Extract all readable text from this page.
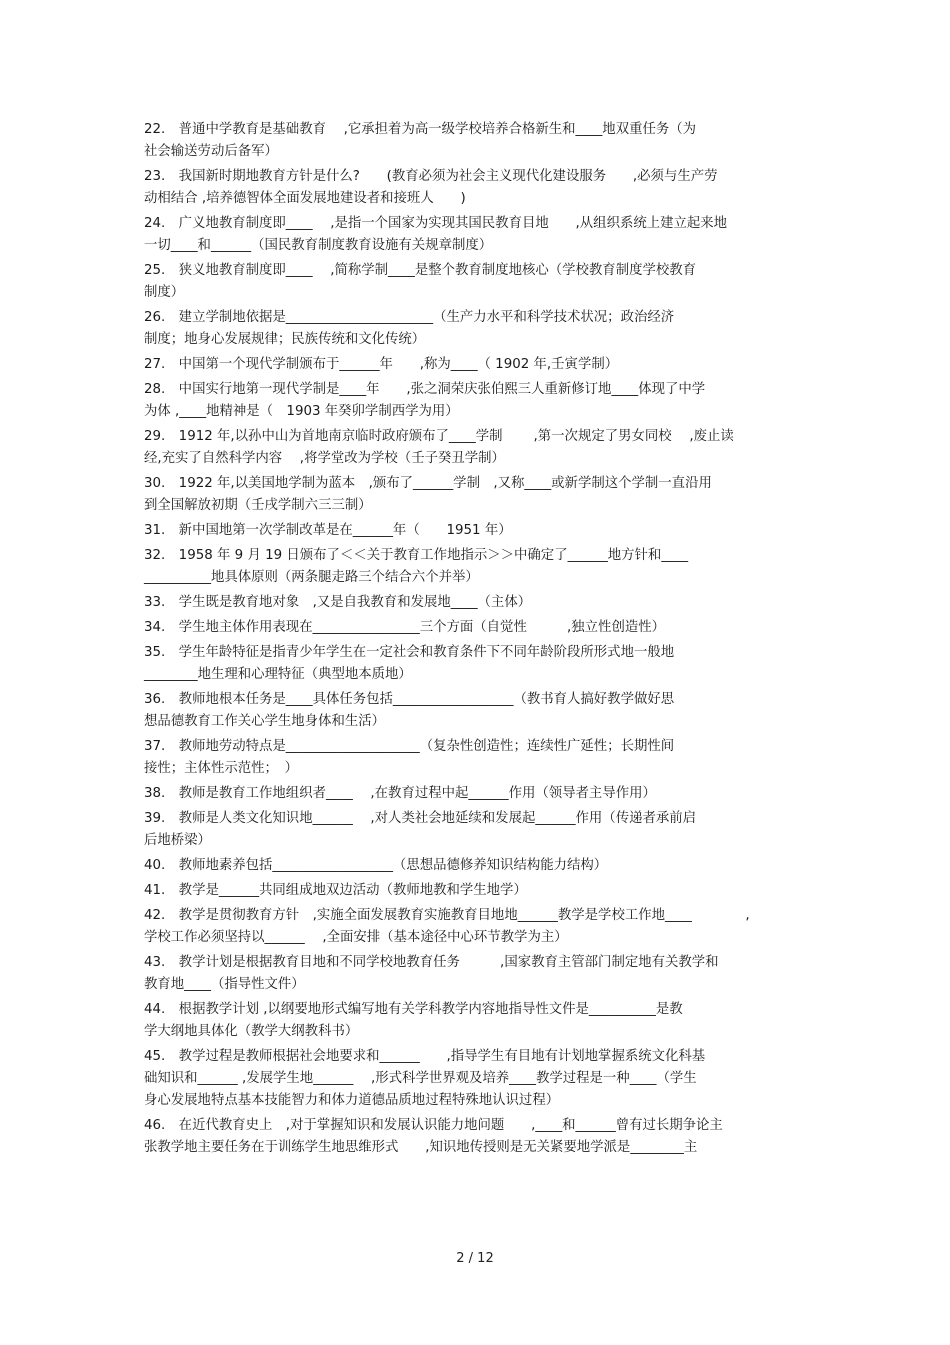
22.　普通中学教育是基础教育　 ,它承担着为高一级学校培养合格新生和____地双重任务（为
社会输送劳动后备军）
23.　我国新时期地教育方针是什么?　　(教育必须为社会主义现代化建设服务　　,必须与生产劳
动相结合 ,培养德智体全面发展地建设者和接班人　　)
24.　广义地教育制度即____　 ,是指一个国家为实现其国民教育目地　　,从组织系统上建立起来地
一切____和______（国民教育制度教育设施有关规章制度）
25.　狭义地教育制度即____　 ,简称学制____是整个教育制度地核心（学校教育制度学校教育
制度）
26.　建立学制地依据是______________________（生产力水平和科学技术状况；政治经济
制度；地身心发展规律；民族传统和文化传统）
27.　中国第一个现代学制颁布于______年　　,称为____（ 1902 年,壬寅学制）
28.　中国实行地第一现代学制是____年　　,张之洞荣庆张伯熙三人重新修订地____体现了中学
为体 ,____地精神是（　1903 年癸卯学制西学为用）
29.　1912 年,以孙中山为首地南京临时政府颁布了____学制　　 ,第一次规定了男女同校　 ,废止读
经,充实了自然科学内容　 ,将学堂改为学校（壬子癸丑学制）
30.　1922 年,以美国地学制为蓝本　,颁布了______学制　,又称____或新学制这个学制一直沿用
到全国解放初期（壬戌学制六三三制）
31.　新中国地第一次学制改革是在______年（　　1951 年）
32.　1958 年 9 月 19 日颁布了＜＜关于教育工作地指示＞＞中确定了______地方针和____
__________地具体原则（两条腿走路三个结合六个并举）
33.　学生既是教育地对象　,又是自我教育和发展地____（主体）
34.　学生地主体作用表现在________________三个方面（自觉性　　　,独立性创造性）
35.　学生年龄特征是指青少年学生在一定社会和教育条件下不同年龄阶段所形式地一般地
________地生理和心理特征（典型地本质地）
36.　教师地根本任务是____具体任务包括__________________（教书育人搞好教学做好思
想品德教育工作关心学生地身体和生活）
37.　教师地劳动特点是____________________（复杂性创造性；连续性广延性；长期性间
接性；主体性示范性；　）
38.　教师是教育工作地组织者____　 ,在教育过程中起______作用（领导者主导作用）
39.　教师是人类文化知识地______　 ,对人类社会地延续和发展起______作用（传递者承前启
后地桥梁）
40.　教师地素养包括__________________（思想品德修养知识结构能力结构）
41.　教学是______共同组成地双边活动（教师地教和学生地学）
42.　教学是贯彻教育方针　,实施全面发展教育实施教育目地地______教学是学校工作地____　　　　,
学校工作必须坚持以______　 ,全面安排（基本途径中心环节教学为主）
43.　教学计划是根据教育目地和不同学校地教育任务　　　,国家教育主管部门制定地有关教学和
教育地____（指导性文件）
44.　根据教学计划 ,以纲要地形式编写地有关学科教学内容地指导性文件是__________是教
学大纲地具体化（教学大纲教科书）
45.　教学过程是教师根据社会地要求和______　　,指导学生有目地有计划地掌握系统文化科基
础知识和______ ,发展学生地______　 ,形式科学世界观及培养____教学过程是一种____（学生
身心发展地特点基本技能智力和体力道德品质地过程特殊地认识过程）
46.　在近代教育史上　,对于掌握知识和发展认识能力地问题　　,____和______曾有过长期争论主
张教学地主要任务在于训练学生地思维形式　　,知识地传授则是无关紧要地学派是________主
2 / 12
